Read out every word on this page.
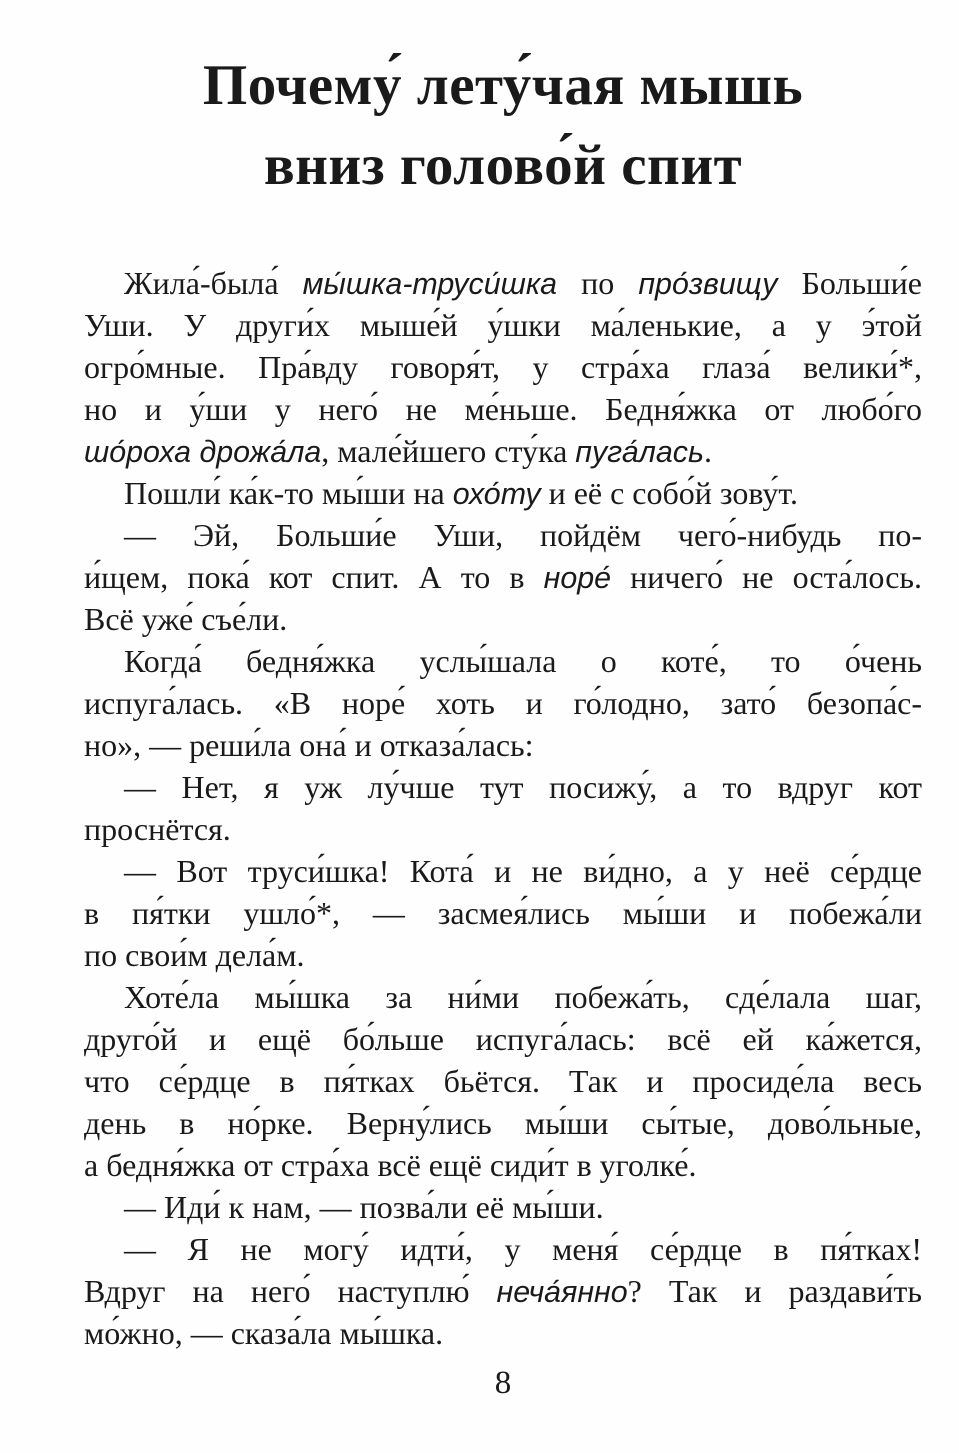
Почему́ лету́чая мышь
вниз голово́й спит
Жила́-была́ мы́шка-труси́шка по про́звищу Больши́е
Уши. У други́х мыше́й у́шки ма́ленькие, а у э́той
огро́мные. Пра́вду говоря́т, у стра́ха глаза́ велики́*,
но и у́ши у него́ не ме́ньше. Бедня́жка от любо́го
шо́роха дрожа́ла, мале́йшего сту́ка пуга́лась.
Пошли́ ка́к-то мы́ши на охо́ту и её с собо́й зову́т.
— Эй, Больши́е Уши, пойдём чего́-нибудь по-
и́щем, пока́ кот спит. А то в норе́ ничего́ не оста́лось.
Всё уже́ съе́ли.
Когда́ бедня́жка услы́шала о коте́, то о́чень
испуга́лась. «В норе́ хоть и го́лодно, зато́ безопа́с-
но», — реши́ла она́ и отказа́лась:
— Нет, я уж лу́чше тут посижу́, а то вдруг кот
проснётся.
— Вот труси́шка! Кота́ и не ви́дно, а у неё се́рдце
в пя́тки ушло́*, — засмея́лись мы́ши и побежа́ли
по свои́м дела́м.
Хоте́ла мы́шка за ни́ми побежа́ть, сде́лала шаг,
друго́й и ещё бо́льше испуга́лась: всё ей ка́жется,
что се́рдце в пя́тках бьётся. Так и просиде́ла весь
день в но́рке. Верну́лись мы́ши сы́тые, дово́льные,
а бедня́жка от стра́ха всё ещё сиди́т в уголке́.
— Иди́ к нам, — позва́ли её мы́ши.
— Я не могу́ идти́, у меня́ се́рдце в пя́тках!
Вдруг на него́ наступлю́ неча́янно? Так и раздави́ть
мо́жно, — сказа́ла мы́шка.
8
